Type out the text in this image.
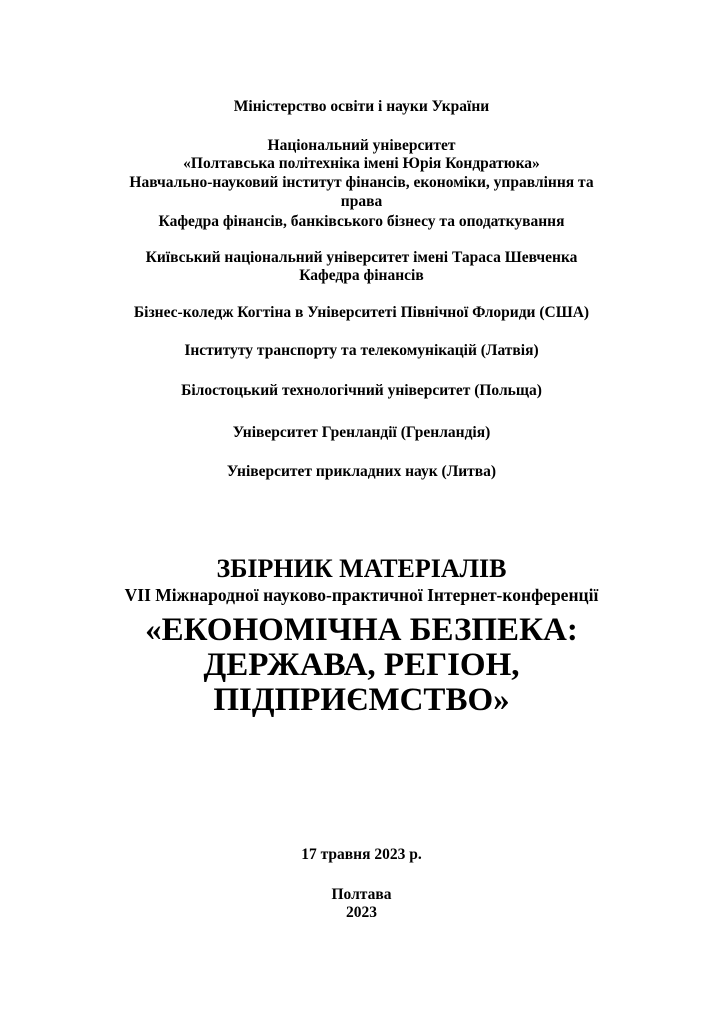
Міністерство освіти і науки України
Національний університет
«Полтавська політехніка імені Юрія Кондратюка»
Навчально-науковий інститут фінансів, економіки, управління та
права
Кафедра фінансів, банківського бізнесу та оподаткування
Київський національний університет імені Тараса Шевченка
Кафедра фінансів
Бізнес-коледж Когтіна в Університеті Північної Флориди (США)
Інституту транспорту та телекомунікацій (Латвія)
Білостоцький технологічний університет (Польща)
Університет Гренландії (Гренландія)
Університет прикладних наук (Литва)
ЗБІРНИК МАТЕРІАЛІВ
VII Міжнародної науково-практичної Інтернет-конференції
«ЕКОНОМІЧНА БЕЗПЕКА:
ДЕРЖАВА, РЕГІОН,
ПІДПРИЄМСТВО»
17 травня 2023 р.
Полтава
2023
